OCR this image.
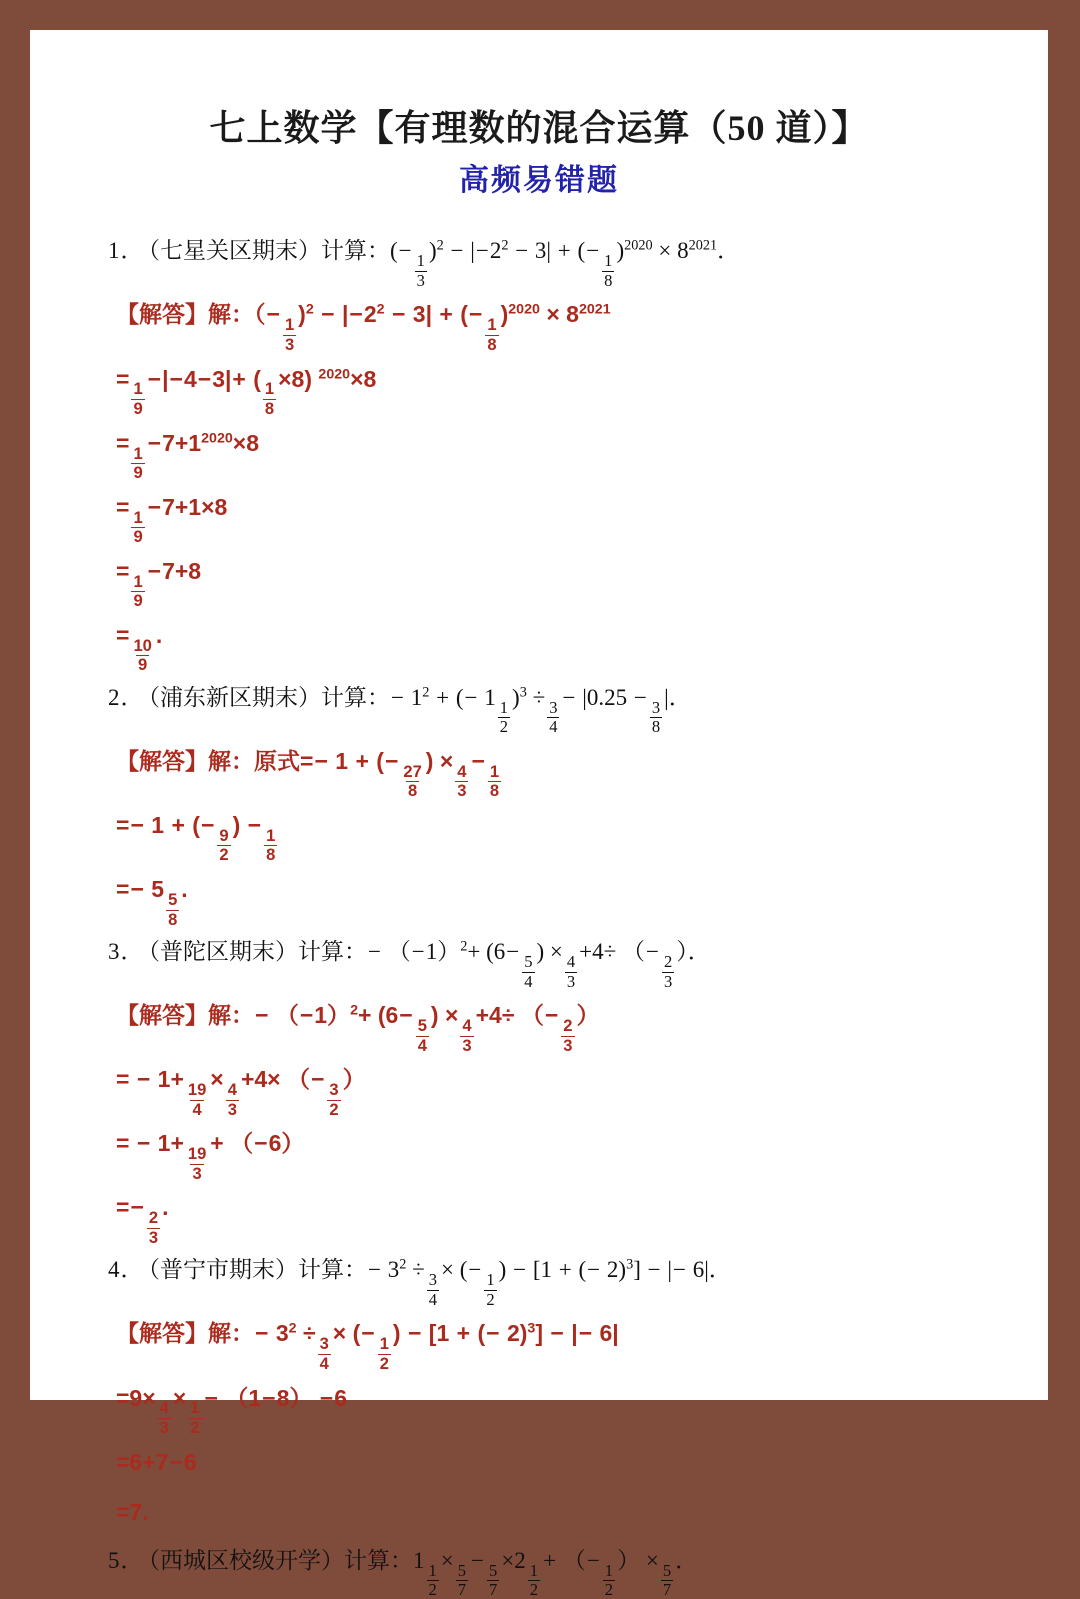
七上数学【有理数的混合运算（50 道）】
高频易错题
1． （七星关区期末）计算：(−
$\frac{1}{3}$
)$^2 - |-2^2 - 3|$ + (−
$\frac{1}{8}$
)$^{2020} \times 8^{2021}$．
【解答】解：（−
$\frac{1}{3}$
)$^2 - |-2^2 - 3|$ + (−
$\frac{1}{8}$
)$^{2020} \times 8^{2021}$
=
$\frac{1}{9}$
−|−4−3|+ (
$\frac{1}{8}$
×8) $^{2020}$×8
=
$\frac{1}{9}$
$-7+1^{2020}\times 8$
=
$\frac{1}{9}$
−7+1×8
=
$\frac{1}{9}$
−7+8
=
$\frac{10}{9}$
.
2． （浦东新区期末）计算：− $1^2$ + (− 1
$\frac{1}{2}$
)$^3$ ÷
$\frac{3}{4}$
− |0.25 −
$\frac{3}{8}$
|．
【解答】解：原式=− 1 + (−
$\frac{27}{8}$
) ×
$\frac{4}{3}$
−
$\frac{1}{8}$
=− 1 + (−
$\frac{9}{2}$
) −
$\frac{1}{8}$
=− 5
$\frac{5}{8}$
.
3． （普陀区期末）计算：− $(-1)^2+ (6-$
$\frac{5}{4}$
) ×
$\frac{4}{3}$
+4÷ （−
$\frac{2}{3}$
）．
【解答】解：− $(-1)^2+ (6-$
$\frac{5}{4}$
) ×
$\frac{4}{3}$
+4÷ （−
$\frac{2}{3}$
）
= − 1+
$\frac{19}{4}$
×
$\frac{4}{3}$
+4× （−
$\frac{3}{2}$
）
= − 1+
$\frac{19}{3}$
+ （−6）
=−
$\frac{2}{3}$
.
4． （普宁市期末）计算：− $3^2$ ÷
$\frac{3}{4}$
× (−
$\frac{1}{2}$
) − [1 + (− 2)$^3$] − |− 6|．
【解答】解：− $3^2$ ÷
$\frac{3}{4}$
× (−
$\frac{1}{2}$
) − [1 + (− 2)$^3$] − |− 6|
=9×
$\frac{4}{3}$
×
$\frac{1}{2}$
− （1−8） −6
=6+7−6
=7.
5． （西城区校级开学）计算：1
$\frac{1}{2}$
×
$\frac{5}{7}$
−
$\frac{5}{7}$
×2
$\frac{1}{2}$
+ （−
$\frac{1}{2}$
） ×
$\frac{5}{7}$
．
